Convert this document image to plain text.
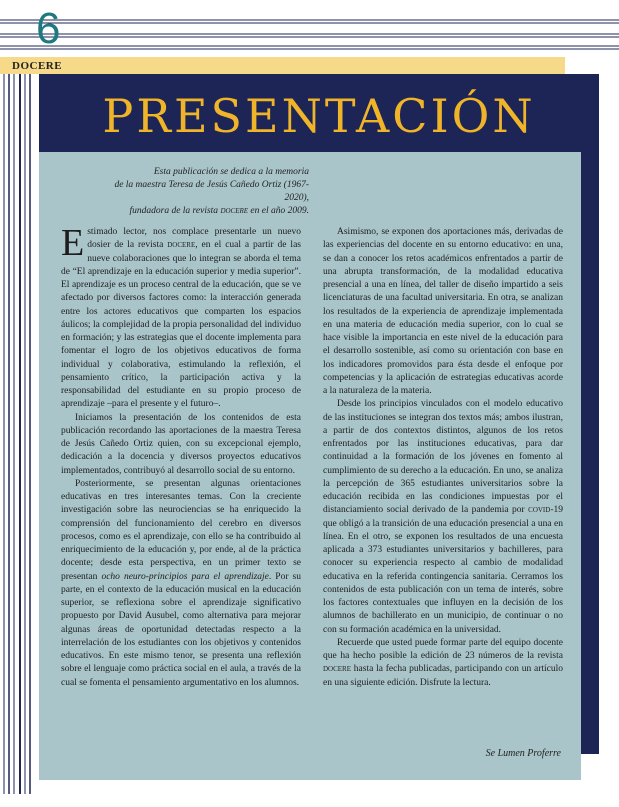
6
DOCERE
PRESENTACIÓN
Esta publicación se dedica a la memoria
de la maestra Teresa de Jesús Cañedo Ortiz (1967-2020),
fundadora de la revista docere en el año 2009.

Estimado lector, nos complace presentarle un nuevo dosier de la revista docere, en el cual a partir de las nueve colaboraciones que lo integran se aborda el tema de “El aprendizaje en la educación superior y media superior”. El aprendizaje es un proceso central de la educación, que se ve afectado por diversos factores como: la interacción generada entre los actores educativos que comparten los espacios áulicos; la complejidad de la propia personalidad del individuo en formación; y las estrategias que el docente implementa para fomentar el logro de los objetivos educativos de forma individual y colaborativa, estimulando la reflexión, el pensamiento crítico, la participación activa y la responsabilidad del estudiante en su propio proceso de aprendizaje –para el presente y el futuro–.

Iniciamos la presentación de los contenidos de esta publicación recordando las aportaciones de la maestra Teresa de Jesús Cañedo Ortiz quien, con su excepcional ejemplo, dedicación a la docencia y diversos proyectos educativos implementados, contribuyó al desarrollo social de su entorno.

Posteriormente, se presentan algunas orientaciones educativas en tres interesantes temas. Con la creciente investigación sobre las neurociencias se ha enriquecido la comprensión del funcionamiento del cerebro en diversos procesos, como es el aprendizaje, con ello se ha contribuido al enriquecimiento de la educación y, por ende, al de la práctica docente; desde esta perspectiva, en un primer texto se presentan ocho neuro-principios para el aprendizaje. Por su parte, en el contexto de la educación musical en la educación superior, se reflexiona sobre el aprendizaje significativo propuesto por David Ausubel, como alternativa para mejorar algunas áreas de oportunidad detectadas respecto a la interrelación de los estudiantes con los objetivos y contenidos educativos. En este mismo tenor, se presenta una reflexión sobre el lenguaje como práctica social en el aula, a través de la cual se fomenta el pensamiento argumentativo en los alumnos.

Asimismo, se exponen dos aportaciones más, derivadas de las experiencias del docente en su entorno educativo: en una, se dan a conocer los retos académicos enfrentados a partir de una abrupta transformación, de la modalidad educativa presencial a una en línea, del taller de diseño impartido a seis licenciaturas de una facultad universitaria. En otra, se analizan los resultados de la experiencia de aprendizaje implementada en una materia de educación media superior, con lo cual se hace visible la importancia en este nivel de la educación para el desarrollo sostenible, así como su orientación con base en los indicadores promovidos para ésta desde el enfoque por competencias y la aplicación de estrategias educativas acorde a la naturaleza de la materia.

Desde los principios vinculados con el modelo educativo de las instituciones se integran dos textos más; ambos ilustran, a partir de dos contextos distintos, algunos de los retos enfrentados por las instituciones educativas, para dar continuidad a la formación de los jóvenes en fomento al cumplimiento de su derecho a la educación. En uno, se analiza la percepción de 365 estudiantes universitarios sobre la educación recibida en las condiciones impuestas por el distanciamiento social derivado de la pandemia por covid-19 que obligó a la transición de una educación presencial a una en línea. En el otro, se exponen los resultados de una encuesta aplicada a 373 estudiantes universitarios y bachilleres, para conocer su experiencia respecto al cambio de modalidad educativa en la referida contingencia sanitaria. Cerramos los contenidos de esta publicación con un tema de interés, sobre los factores contextuales que influyen en la decisión de los alumnos de bachillerato en un municipio, de continuar o no con su formación académica en la universidad.

Recuerde que usted puede formar parte del equipo docente que ha hecho posible la edición de 23 números de la revista docere hasta la fecha publicadas, participando con un artículo en una siguiente edición. Disfrute la lectura.

Se Lumen Proferre
